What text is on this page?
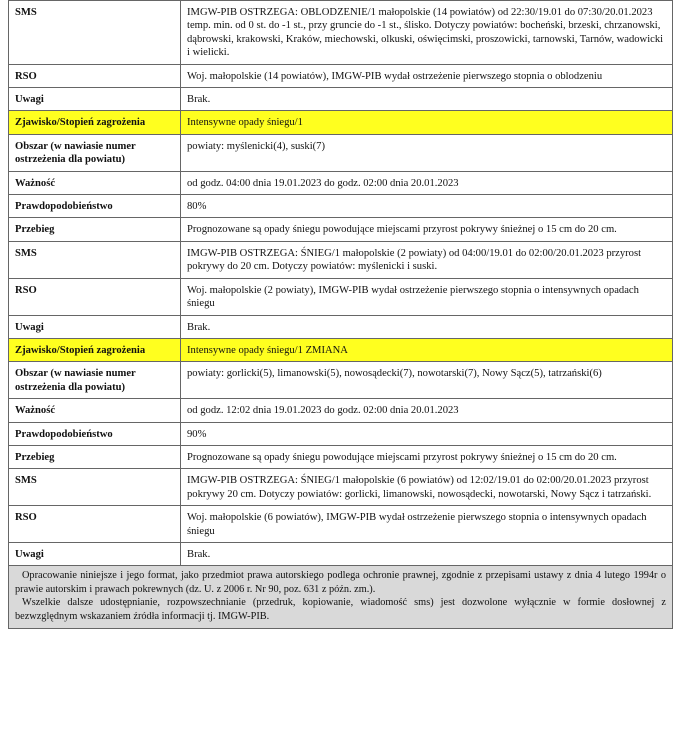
SMS	IMGW-PIB OSTRZEGA: OBLODZENIE/1 małopolskie (14 powiatów) od 22:30/19.01 do 07:30/20.01.2023 temp. min. od 0 st. do -1 st., przy gruncie do -1 st., ślisko. Dotyczy powiatów: bocheński, brzeski, chrzanowski, dąbrowski, krakowski, Kraków, miechowski, olkuski, oświęcimski, proszowicki, tarnowski, Tarnów, wadowicki i wielicki.
RSO	Woj. małopolskie (14 powiatów), IMGW-PIB wydał ostrzeżenie pierwszego stopnia o oblodzeniu
Uwagi	Brak.
Zjawisko/Stopień zagrożenia	Intensywne opady śniegu/1
Obszar (w nawiasie numer ostrzeżenia dla powiatu)	powiaty: myślenicki(4), suski(7)
Ważność	od godz. 04:00 dnia 19.01.2023 do godz. 02:00 dnia 20.01.2023
Prawdopodobieństwo	80%
Przebieg	Prognozowane są opady śniegu powodujące miejscami przyrost pokrywy śnieżnej o 15 cm do 20 cm.
SMS	IMGW-PIB OSTRZEGA: ŚNIEG/1 małopolskie (2 powiaty) od 04:00/19.01 do 02:00/20.01.2023 przyrost pokrywy do 20 cm. Dotyczy powiatów: myślenicki i suski.
RSO	Woj. małopolskie (2 powiaty), IMGW-PIB wydał ostrzeżenie pierwszego stopnia o intensywnych opadach śniegu
Uwagi	Brak.
Zjawisko/Stopień zagrożenia	Intensywne opady śniegu/1 ZMIANA
Obszar (w nawiasie numer ostrzeżenia dla powiatu)	powiaty: gorlicki(5), limanowski(5), nowosądecki(7), nowotarski(7), Nowy Sącz(5), tatrzański(6)
Ważność	od godz. 12:02 dnia 19.01.2023 do godz. 02:00 dnia 20.01.2023
Prawdopodobieństwo	90%
Przebieg	Prognozowane są opady śniegu powodujące miejscami przyrost pokrywy śnieżnej o 15 cm do 20 cm.
SMS	IMGW-PIB OSTRZEGA: ŚNIEG/1 małopolskie (6 powiatów) od 12:02/19.01 do 02:00/20.01.2023 przyrost pokrywy 20 cm. Dotyczy powiatów: gorlicki, limanowski, nowosądecki, nowotarski, Nowy Sącz i tatrzański.
RSO	Woj. małopolskie (6 powiatów), IMGW-PIB wydał ostrzeżenie pierwszego stopnia o intensywnych opadach śniegu
Uwagi	Brak.

Opracowanie niniejsze i jego format, jako przedmiot prawa autorskiego podlega ochronie prawnej, zgodnie z przepisami ustawy z dnia 4 lutego 1994r o prawie autorskim i prawach pokrewnych (dz. U. z 2006 r. Nr 90, poz. 631 z późn. zm.).

Wszelkie dalsze udostępnianie, rozpowszechnianie (przedruk, kopiowanie, wiadomość sms) jest dozwolone wyłącznie w formie dosłownej z bezwzględnym wskazaniem źródła informacji tj. IMGW-PIB.
